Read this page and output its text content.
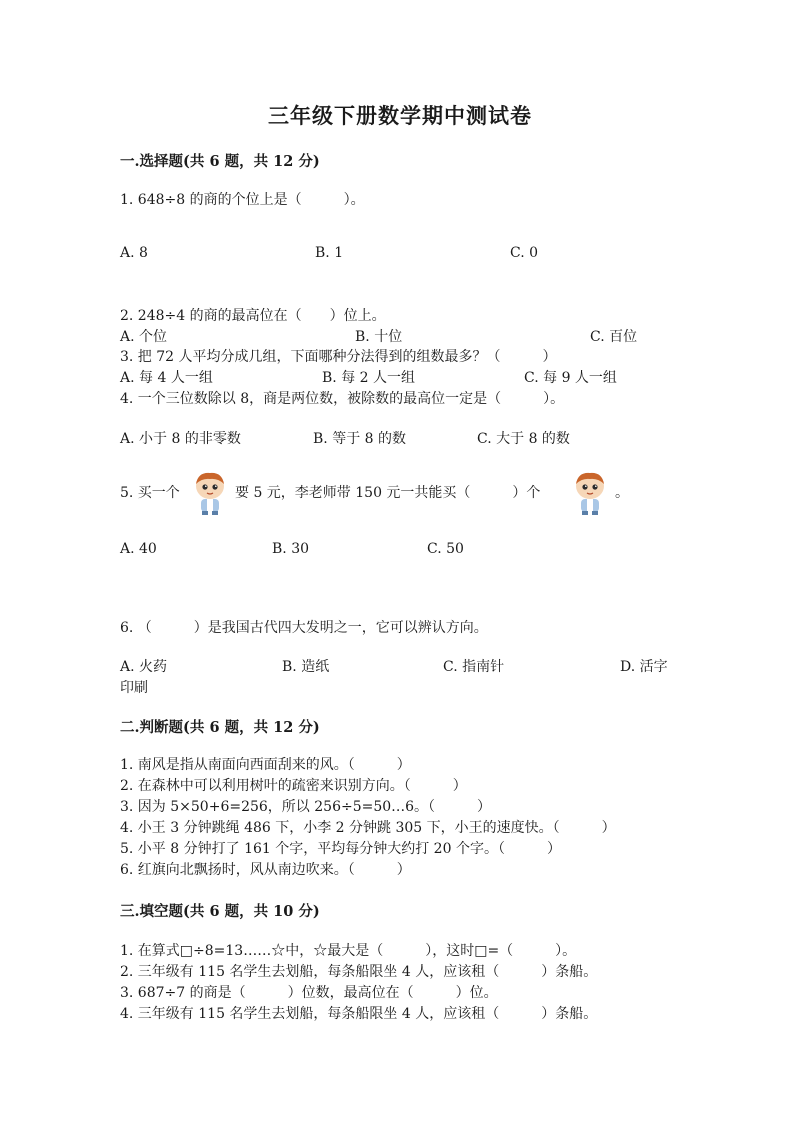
三年级下册数学期中测试卷
一.选择题(共 6 题，共 12 分)
1. 648÷8 的商的个位上是（　　　）。
A. 8	B. 1	C. 0
2. 248÷4 的商的最高位在（　　）位上。
A. 个位	B. 十位	C. 百位
3. 把 72 人平均分成几组，下面哪种分法得到的组数最多？（　　　）
A. 每 4 人一组	B. 每 2 人一组	C. 每 9 人一组
4. 一个三位数除以 8，商是两位数，被除数的最高位一定是（　　　）。
A. 小于 8 的非零数	B. 等于 8 的数	C. 大于 8 的数
5. 买一个	要 5 元，李老师带 150 元一共能买（　　　）个	。
A. 40	B. 30	C. 50
6. （　　　）是我国古代四大发明之一，它可以辨认方向。
A. 火药	B. 造纸	C. 指南针	D. 活字
印刷
二.判断题(共 6 题，共 12 分)
1. 南风是指从南面向西面刮来的风。（　　　）
2. 在森林中可以利用树叶的疏密来识别方向。（　　　）
3. 因为 5×50+6=256，所以 256÷5=50…6。（　　　）
4. 小王 3 分钟跳绳 486 下，小李 2 分钟跳 305 下，小王的速度快。（　　　）
5. 小平 8 分钟打了 161 个字，平均每分钟大约打 20 个字。（　　　）
6. 红旗向北飘扬时，风从南边吹来。（　　　）
三.填空题(共 6 题，共 10 分)
1. 在算式□÷8=13……☆中，☆最大是（　　　），这时□=（　　　）。
2. 三年级有 115 名学生去划船，每条船限坐 4 人，应该租（　　　）条船。
3. 687÷7 的商是（　　　）位数，最高位在（　　　）位。
4. 三年级有 115 名学生去划船，每条船限坐 4 人，应该租（　　　）条船。
